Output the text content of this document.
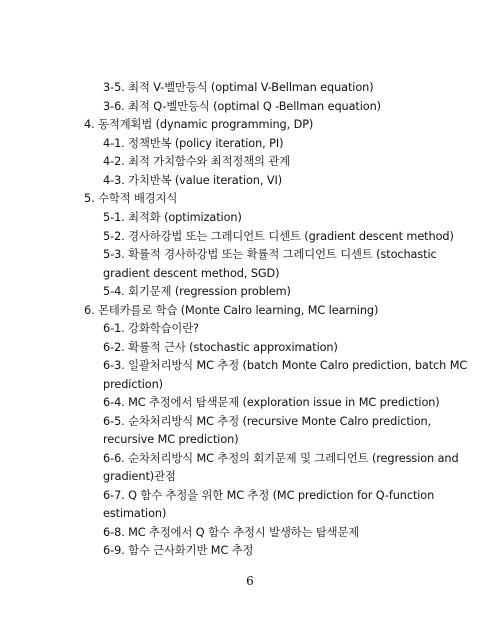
3-5. 최적 V-벨만등식 (optimal V-Bellman equation)
3-6. 최적 Q-벨만등식 (optimal Q -Bellman equation)
4. 동적계획법 (dynamic programming, DP)
4-1. 정책반복 (policy iteration, PI)
4-2. 최적 가치함수와 최적정책의 관계
4-3. 가치반복 (value iteration, VI)
5. 수학적 배경지식
5-1. 최적화 (optimization)
5-2. 경사하강법 또는 그레디언트 디센트 (gradient descent method)
5-3. 확률적 경사하강법 또는 확률적 그레디언트 디센트 (stochastic
gradient descent method, SGD)
5-4. 회기문제 (regression problem)
6. 몬테카를로 학습 (Monte Calro learning, MC learning)
6-1. 강화학습이란?
6-2. 확률적 근사 (stochastic approximation)
6-3. 일괄처리방식 MC 추정 (batch Monte Calro prediction, batch MC
prediction)
6-4. MC 추정에서 탐색문제 (exploration issue in MC prediction)
6-5. 순차처리방식 MC 추정 (recursive Monte Calro prediction,
recursive MC prediction)
6-6. 순차처리방식 MC 추정의 회기문제 및 그레디언트 (regression and
gradient)관점
6-7. Q 함수 추정을 위한 MC 추정 (MC prediction for Q-function
estimation)
6-8. MC 추정에서 Q 함수 추정시 발생하는 탐색문제
6-9. 함수 근사화기반 MC 추정
6
